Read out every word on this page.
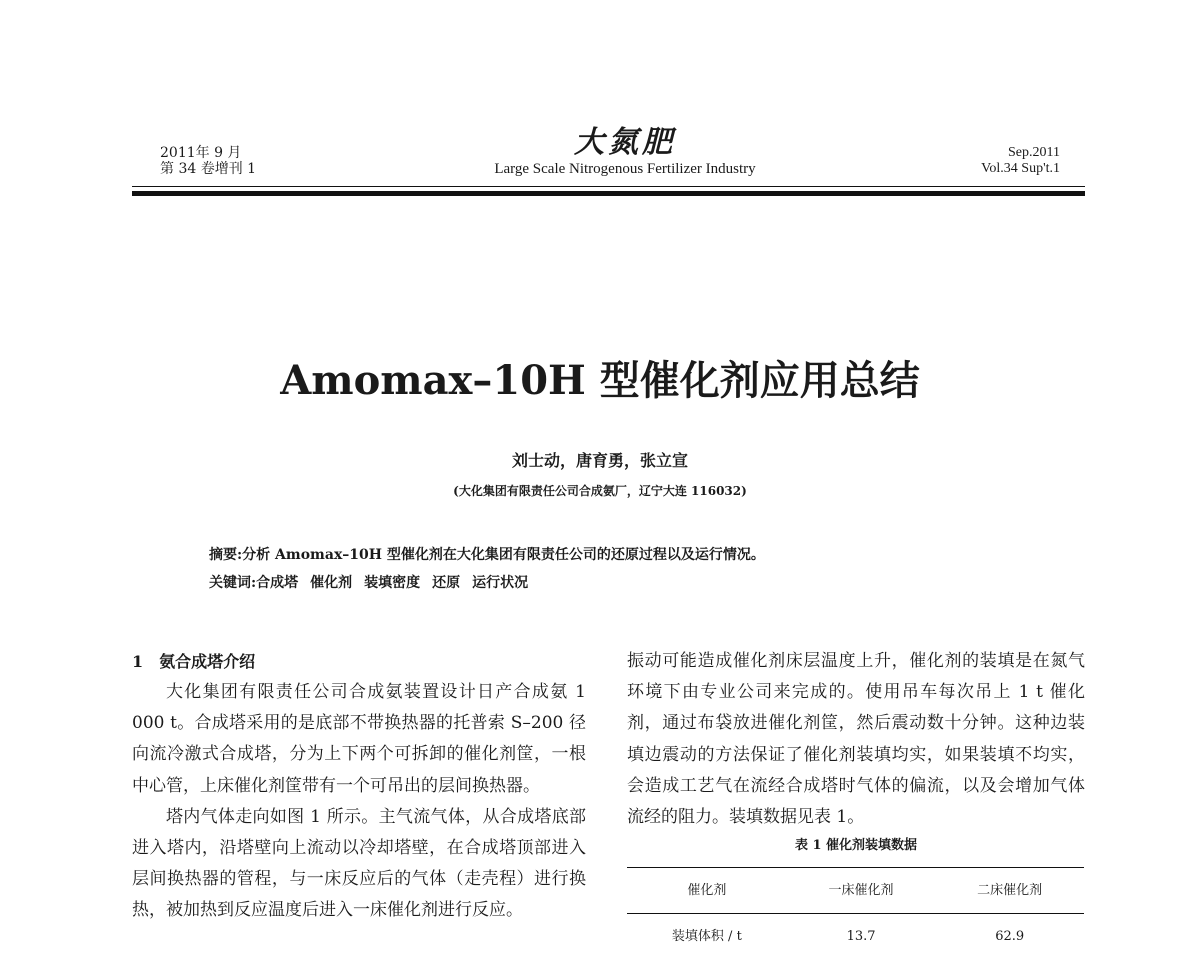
2011年 9 月
第 34 卷增刊 1
大氮肥
Large Scale Nitrogenous Fertilizer Industry
Sep.2011
Vol.34 Sup't.1
Amomax–10H 型催化剂应用总结
刘士动，唐育勇，张立宣
(大化集团有限责任公司合成氨厂，辽宁大连 116032)
摘要:分析 Amomax–10H 型催化剂在大化集团有限责任公司的还原过程以及运行情况。
关键词:合成塔 催化剂 装填密度 还原 运行状况
1 氨合成塔介绍

大化集团有限责任公司合成氨装置设计日产合成氨 1 000 t。合成塔采用的是底部不带换热器的托普索 S–200 径向流冷激式合成塔，分为上下两个可拆卸的催化剂筐，一根中心管，上床催化剂筐带有一个可吊出的层间换热器。

塔内气体走向如图 1 所示。主气流气体，从合成塔底部进入塔内，沿塔壁向上流动以冷却塔壁，在合成塔顶部进入层间换热器的管程，与一床反应后的气体（走壳程）进行换热，被加热到反应温度后进入一床催化剂进行反应。

振动可能造成催化剂床层温度上升，催化剂的装填是在氮气环境下由专业公司来完成的。使用吊车每次吊上 1 t 催化剂，通过布袋放进催化剂筐，然后震动数十分钟。这种边装填边震动的方法保证了催化剂装填均实，如果装填不均实，会造成工艺气在流经合成塔时气体的偏流，以及会增加气体流经的阻力。装填数据见表 1。

表 1 催化剂装填数据
催化剂	一床催化剂	二床催化剂
装填体积 / t	13.7	62.9
